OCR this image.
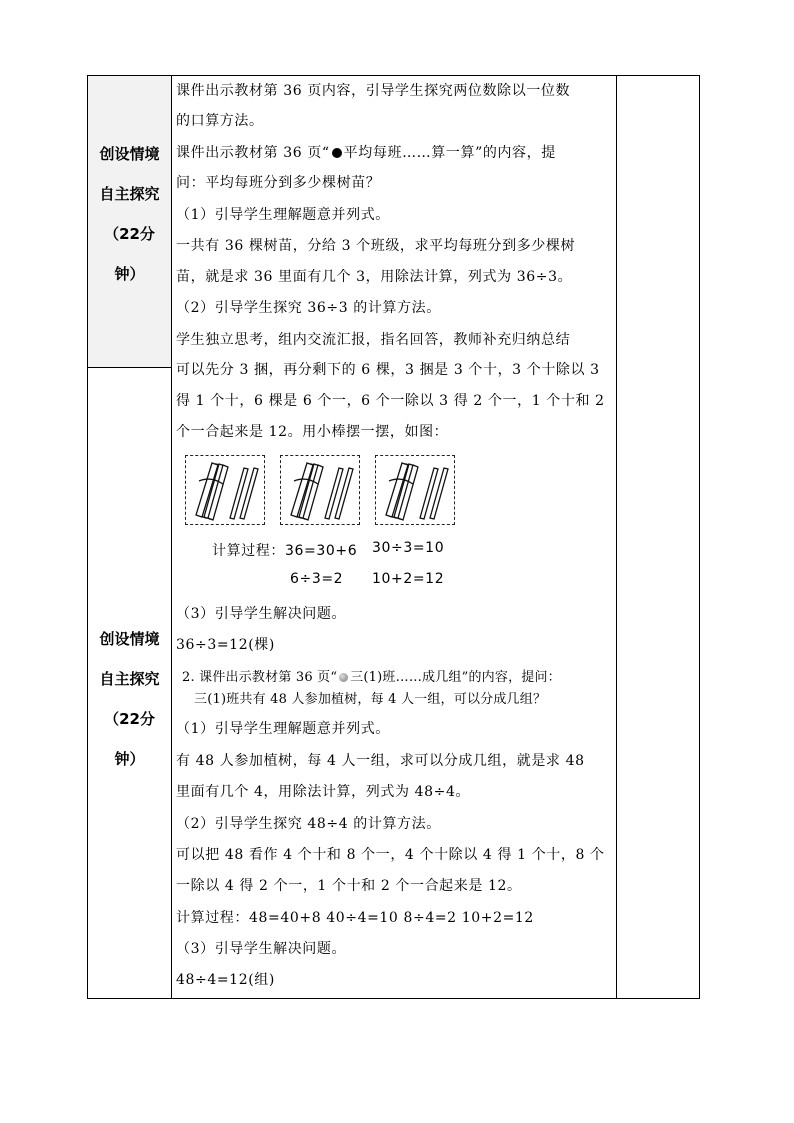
创设情境
自主探究
（22分
钟）
创设情境
自主探究
（22分
钟）
课件出示教材第 36 页内容，引导学生探究两位数除以一位数
的口算方法。
课件出示教材第 36 页“ 平均每班……算一算”的内容，提
问：平均每班分到多少棵树苗？
（1）引导学生理解题意并列式。
一共有 36 棵树苗，分给 3 个班级，求平均每班分到多少棵树
苗，就是求 36 里面有几个 3，用除法计算，列式为 36÷3。
（2）引导学生探究 36÷3 的计算方法。
学生独立思考，组内交流汇报，指名回答，教师补充归纳总结
可以先分 3 捆，再分剩下的 6 棵，3 捆是 3 个十，3 个十除以 3
得 1 个十，6 棵是 6 个一，6 个一除以 3 得 2 个一，1 个十和 2
个一合起来是 12。用小棒摆一摆，如图：
计算过程：36=30+6 30÷3=10
6÷3=2 10+2=12
（3）引导学生解决问题。
36÷3=12(棵)
2. 课件出示教材第 36 页“ 三(1)班……成几组”的内容，提问：
三(1)班共有 48 人参加植树，每 4 人一组，可以分成几组？
（1）引导学生理解题意并列式。
有 48 人参加植树，每 4 人一组，求可以分成几组，就是求 48
里面有几个 4，用除法计算，列式为 48÷4。
（2）引导学生探究 48÷4 的计算方法。
可以把 48 看作 4 个十和 8 个一，4 个十除以 4 得 1 个十，8 个
一除以 4 得 2 个一，1 个十和 2 个一合起来是 12。
计算过程：48=40+8 40÷4=10 8÷4=2 10+2=12
（3）引导学生解决问题。
48÷4=12(组)
